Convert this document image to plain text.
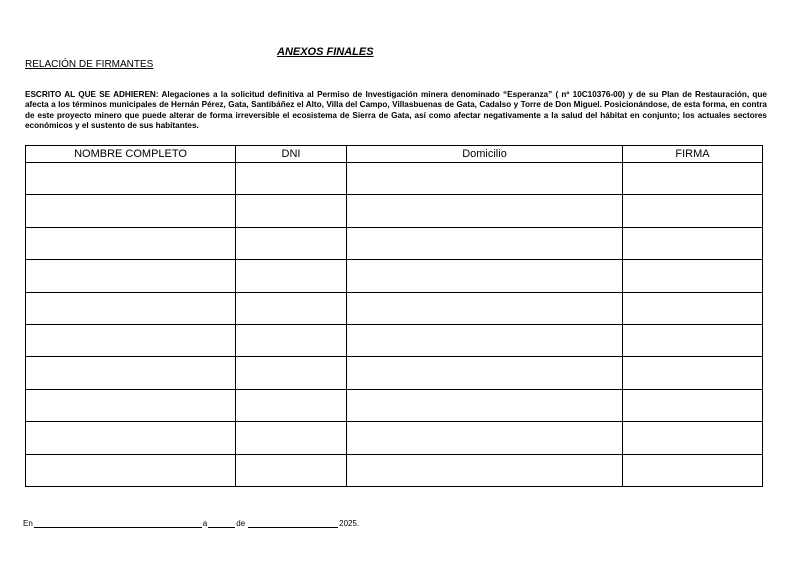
ANEXOS FINALES
RELACIÓN DE FIRMANTES

ESCRITO AL QUE SE ADHIEREN: Alegaciones a la solicitud definitiva al Permiso de Investigación minera denominado “Esperanza” ( nº 10C10376-00) y de su Plan de Restauración, que afecta a los términos municipales de Hernán Pérez, Gata, Santibáñez el Alto, Villa del Campo, Villasbuenas de Gata, Cadalso y Torre de Don Miguel. Posicionándose, de esta forma, en contra de este proyecto minero que puede alterar de forma irreversible el ecosistema de Sierra de Gata, así como afectar negativamente a la salud del hábitat en conjunto; los actuales sectores económicos y el sustento de sus habitantes.

NOMBRE COMPLETO	DNI	Domicilio	FIRMA

En	a	de	2025.
